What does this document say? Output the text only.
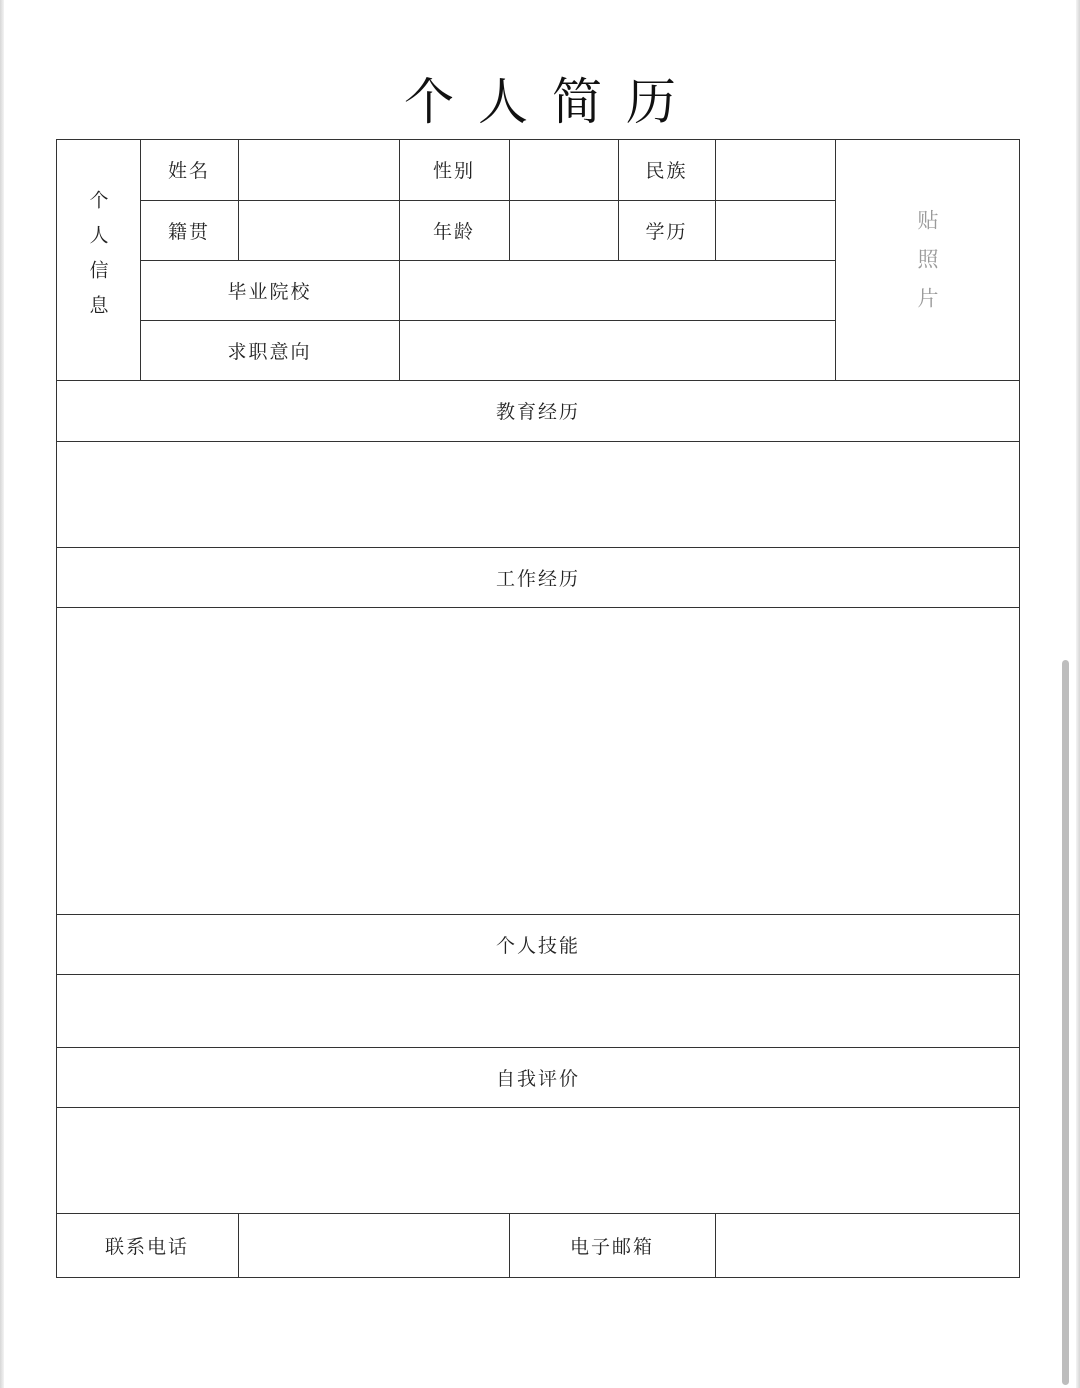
个人简历
个人信息
姓名	性别	民族
籍贯	年龄	学历
毕业院校
求职意向
贴照片
教育经历
工作经历
个人技能
自我评价
联系电话	电子邮箱
